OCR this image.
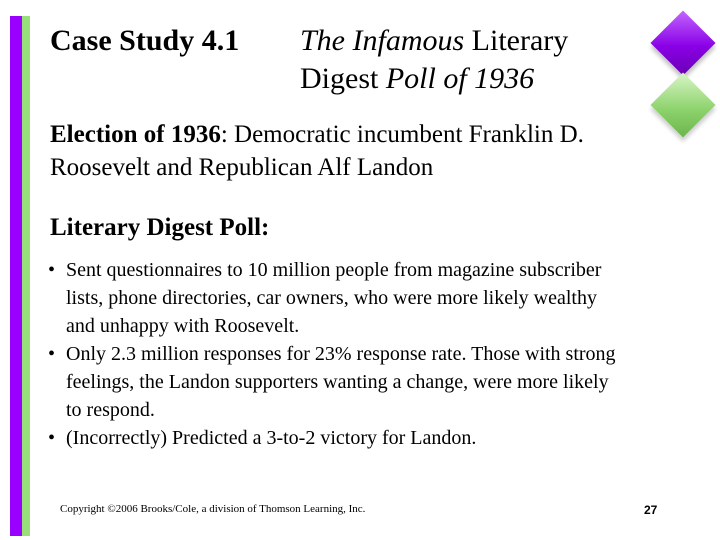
Case Study 4.1 The Infamous Literary Digest Poll of 1936
Election of 1936: Democratic incumbent Franklin D. Roosevelt and Republican Alf Landon
Literary Digest Poll:
• Sent questionnaires to 10 million people from magazine subscriber lists, phone directories, car owners, who were more likely wealthy and unhappy with Roosevelt.
• Only 2.3 million responses for 23% response rate. Those with strong feelings, the Landon supporters wanting a change, were more likely to respond.
• (Incorrectly) Predicted a 3-to-2 victory for Landon.
Copyright ©2006 Brooks/Cole, a division of Thomson Learning, Inc.	27
